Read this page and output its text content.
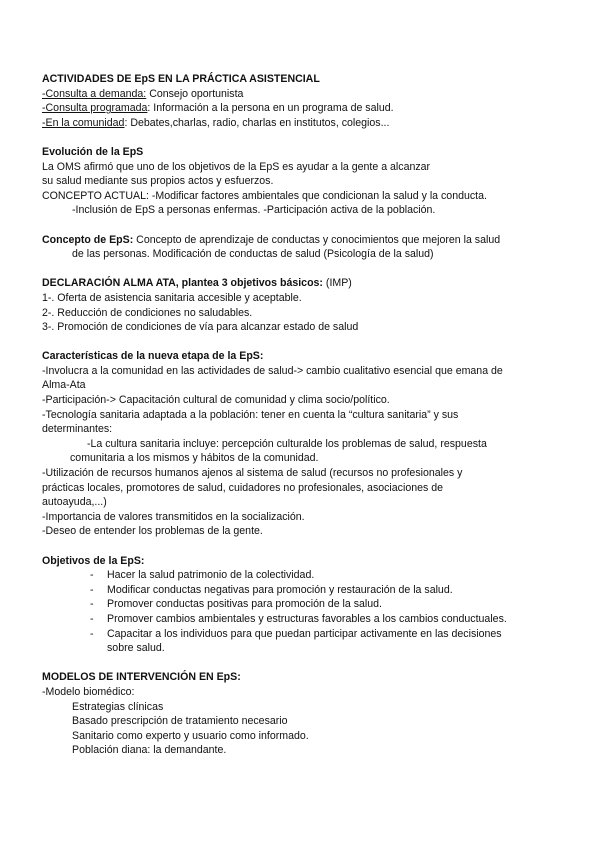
ACTIVIDADES DE EpS EN LA PRÁCTICA ASISTENCIAL

-Consulta a demanda: Consejo oportunista

-Consulta programada: Información a la persona en un programa de salud.

-En la comunidad: Debates,charlas, radio, charlas en institutos, colegios...

Evolución de la EpS

La OMS afirmó que uno de los objetivos de la EpS es ayudar a la gente a alcanzar

su salud mediante sus propios actos y esfuerzos.

CONCEPTO ACTUAL: -Modificar factores ambientales que condicionan la salud y la conducta.

-Inclusión de EpS a personas enfermas. -Participación activa de la población.

Concepto de EpS: Concepto de aprendizaje de conductas y conocimientos que mejoren la salud

de las personas. Modificación de conductas de salud (Psicología de la salud)

DECLARACIÓN ALMA ATA, plantea 3 objetivos básicos: (IMP)

1-. Oferta de asistencia sanitaria accesible y aceptable.

2-. Reducción de condiciones no saludables.

3-. Promoción de condiciones de vía para alcanzar estado de salud

Características de la nueva etapa de la EpS:

-Involucra a la comunidad en las actividades de salud-> cambio cualitativo esencial que emana de

Alma-Ata

-Participación-> Capacitación cultural de comunidad y clima socio/político.

-Tecnología sanitaria adaptada a la población: tener en cuenta la “cultura sanitaria” y sus

determinantes:

-La cultura sanitaria incluye: percepción culturalde los problemas de salud, respuesta

comunitaria a los mismos y hábitos de la comunidad.

-Utilización de recursos humanos ajenos al sistema de salud (recursos no profesionales y

prácticas locales, promotores de salud, cuidadores no profesionales, asociaciones de

autoayuda,...)

-Importancia de valores transmitidos en la socialización.

-Deseo de entender los problemas de la gente.

Objetivos de la EpS:

- Hacer la salud patrimonio de la colectividad.
- Modificar conductas negativas para promoción y restauración de la salud.
- Promover conductas positivas para promoción de la salud.
- Promover cambios ambientales y estructuras favorables a los cambios conductuales.
- Capacitar a los individuos para que puedan participar activamente en las decisiones
sobre salud.

MODELOS DE INTERVENCIÓN EN EpS:

-Modelo biomédico:

Estrategias clínicas

Basado prescripción de tratamiento necesario

Sanitario como experto y usuario como informado.

Población diana: la demandante.
